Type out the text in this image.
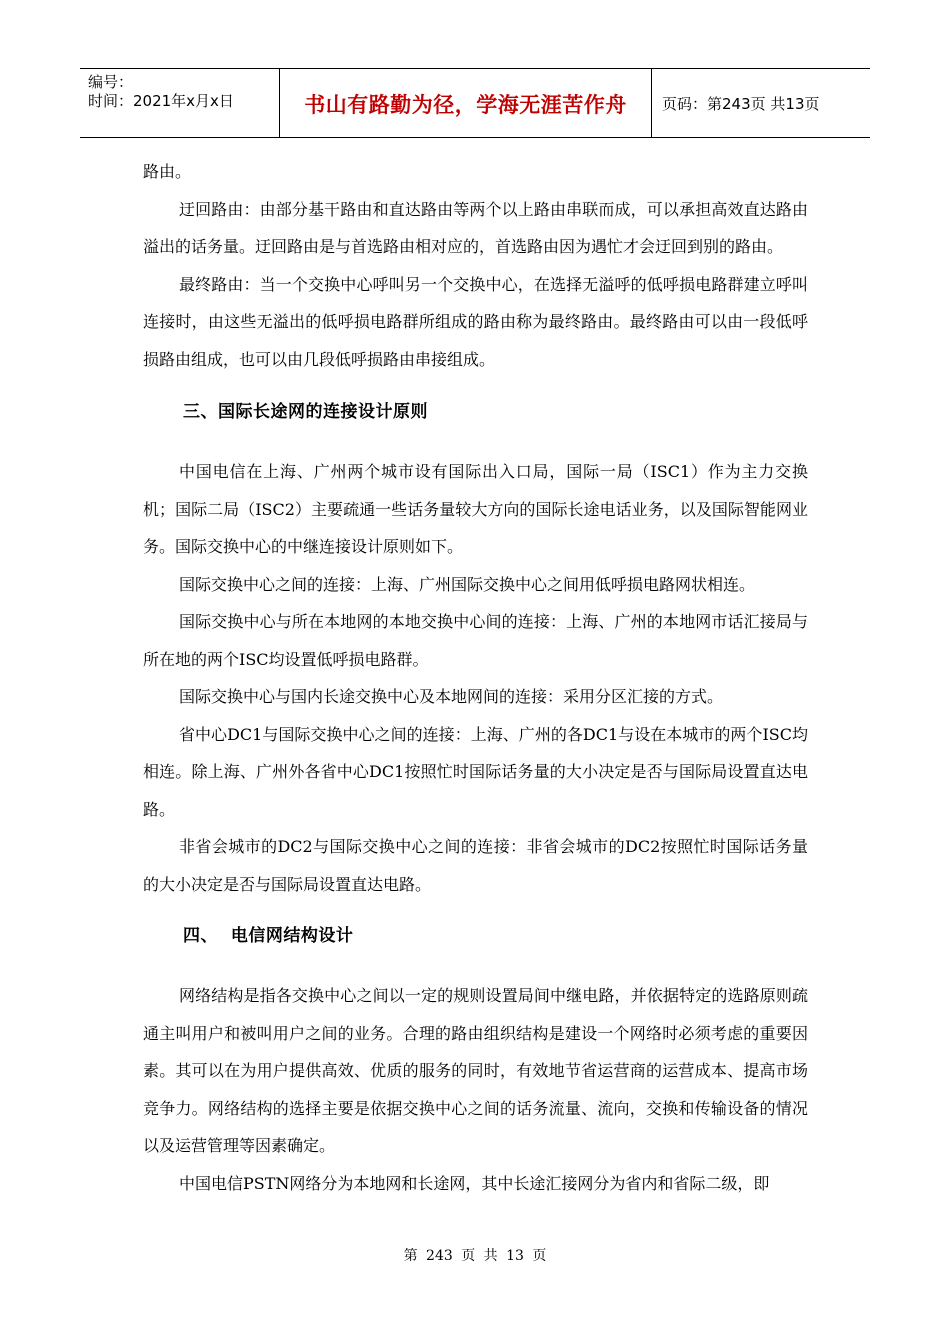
编号：
时间：2021年x月x日	书山有路勤为径，学海无涯苦作舟	页码：第243页 共13页

路由。

迂回路由：由部分基干路由和直达路由等两个以上路由串联而成，可以承担高效直达路由溢出的话务量。迂回路由是与首选路由相对应的，首选路由因为遇忙才会迂回到别的路由。

最终路由：当一个交换中心呼叫另一个交换中心，在选择无溢呼的低呼损电路群建立呼叫连接时，由这些无溢出的低呼损电路群所组成的路由称为最终路由。最终路由可以由一段低呼损路由组成，也可以由几段低呼损路由串接组成。

三、国际长途网的连接设计原则

中国电信在上海、广州两个城市设有国际出入口局，国际一局（ISC1）作为主力交换机；国际二局（ISC2）主要疏通一些话务量较大方向的国际长途电话业务，以及国际智能网业务。国际交换中心的中继连接设计原则如下。

国际交换中心之间的连接：上海、广州国际交换中心之间用低呼损电路网状相连。

国际交换中心与所在本地网的本地交换中心间的连接：上海、广州的本地网市话汇接局与所在地的两个ISC均设置低呼损电路群。

国际交换中心与国内长途交换中心及本地网间的连接：采用分区汇接的方式。

省中心DC1与国际交换中心之间的连接：上海、广州的各DC1与设在本城市的两个ISC均相连。除上海、广州外各省中心DC1按照忙时国际话务量的大小决定是否与国际局设置直达电路。

非省会城市的DC2与国际交换中心之间的连接：非省会城市的DC2按照忙时国际话务量的大小决定是否与国际局设置直达电路。

四、  电信网结构设计

网络结构是指各交换中心之间以一定的规则设置局间中继电路，并依据特定的选路原则疏通主叫用户和被叫用户之间的业务。合理的路由组织结构是建设一个网络时必须考虑的重要因素。其可以在为用户提供高效、优质的服务的同时，有效地节省运营商的运营成本、提高市场竞争力。网络结构的选择主要是依据交换中心之间的话务流量、流向，交换和传输设备的情况以及运营管理等因素确定。

中国电信PSTN网络分为本地网和长途网，其中长途汇接网分为省内和省际二级，即

第 243 页 共 13 页
